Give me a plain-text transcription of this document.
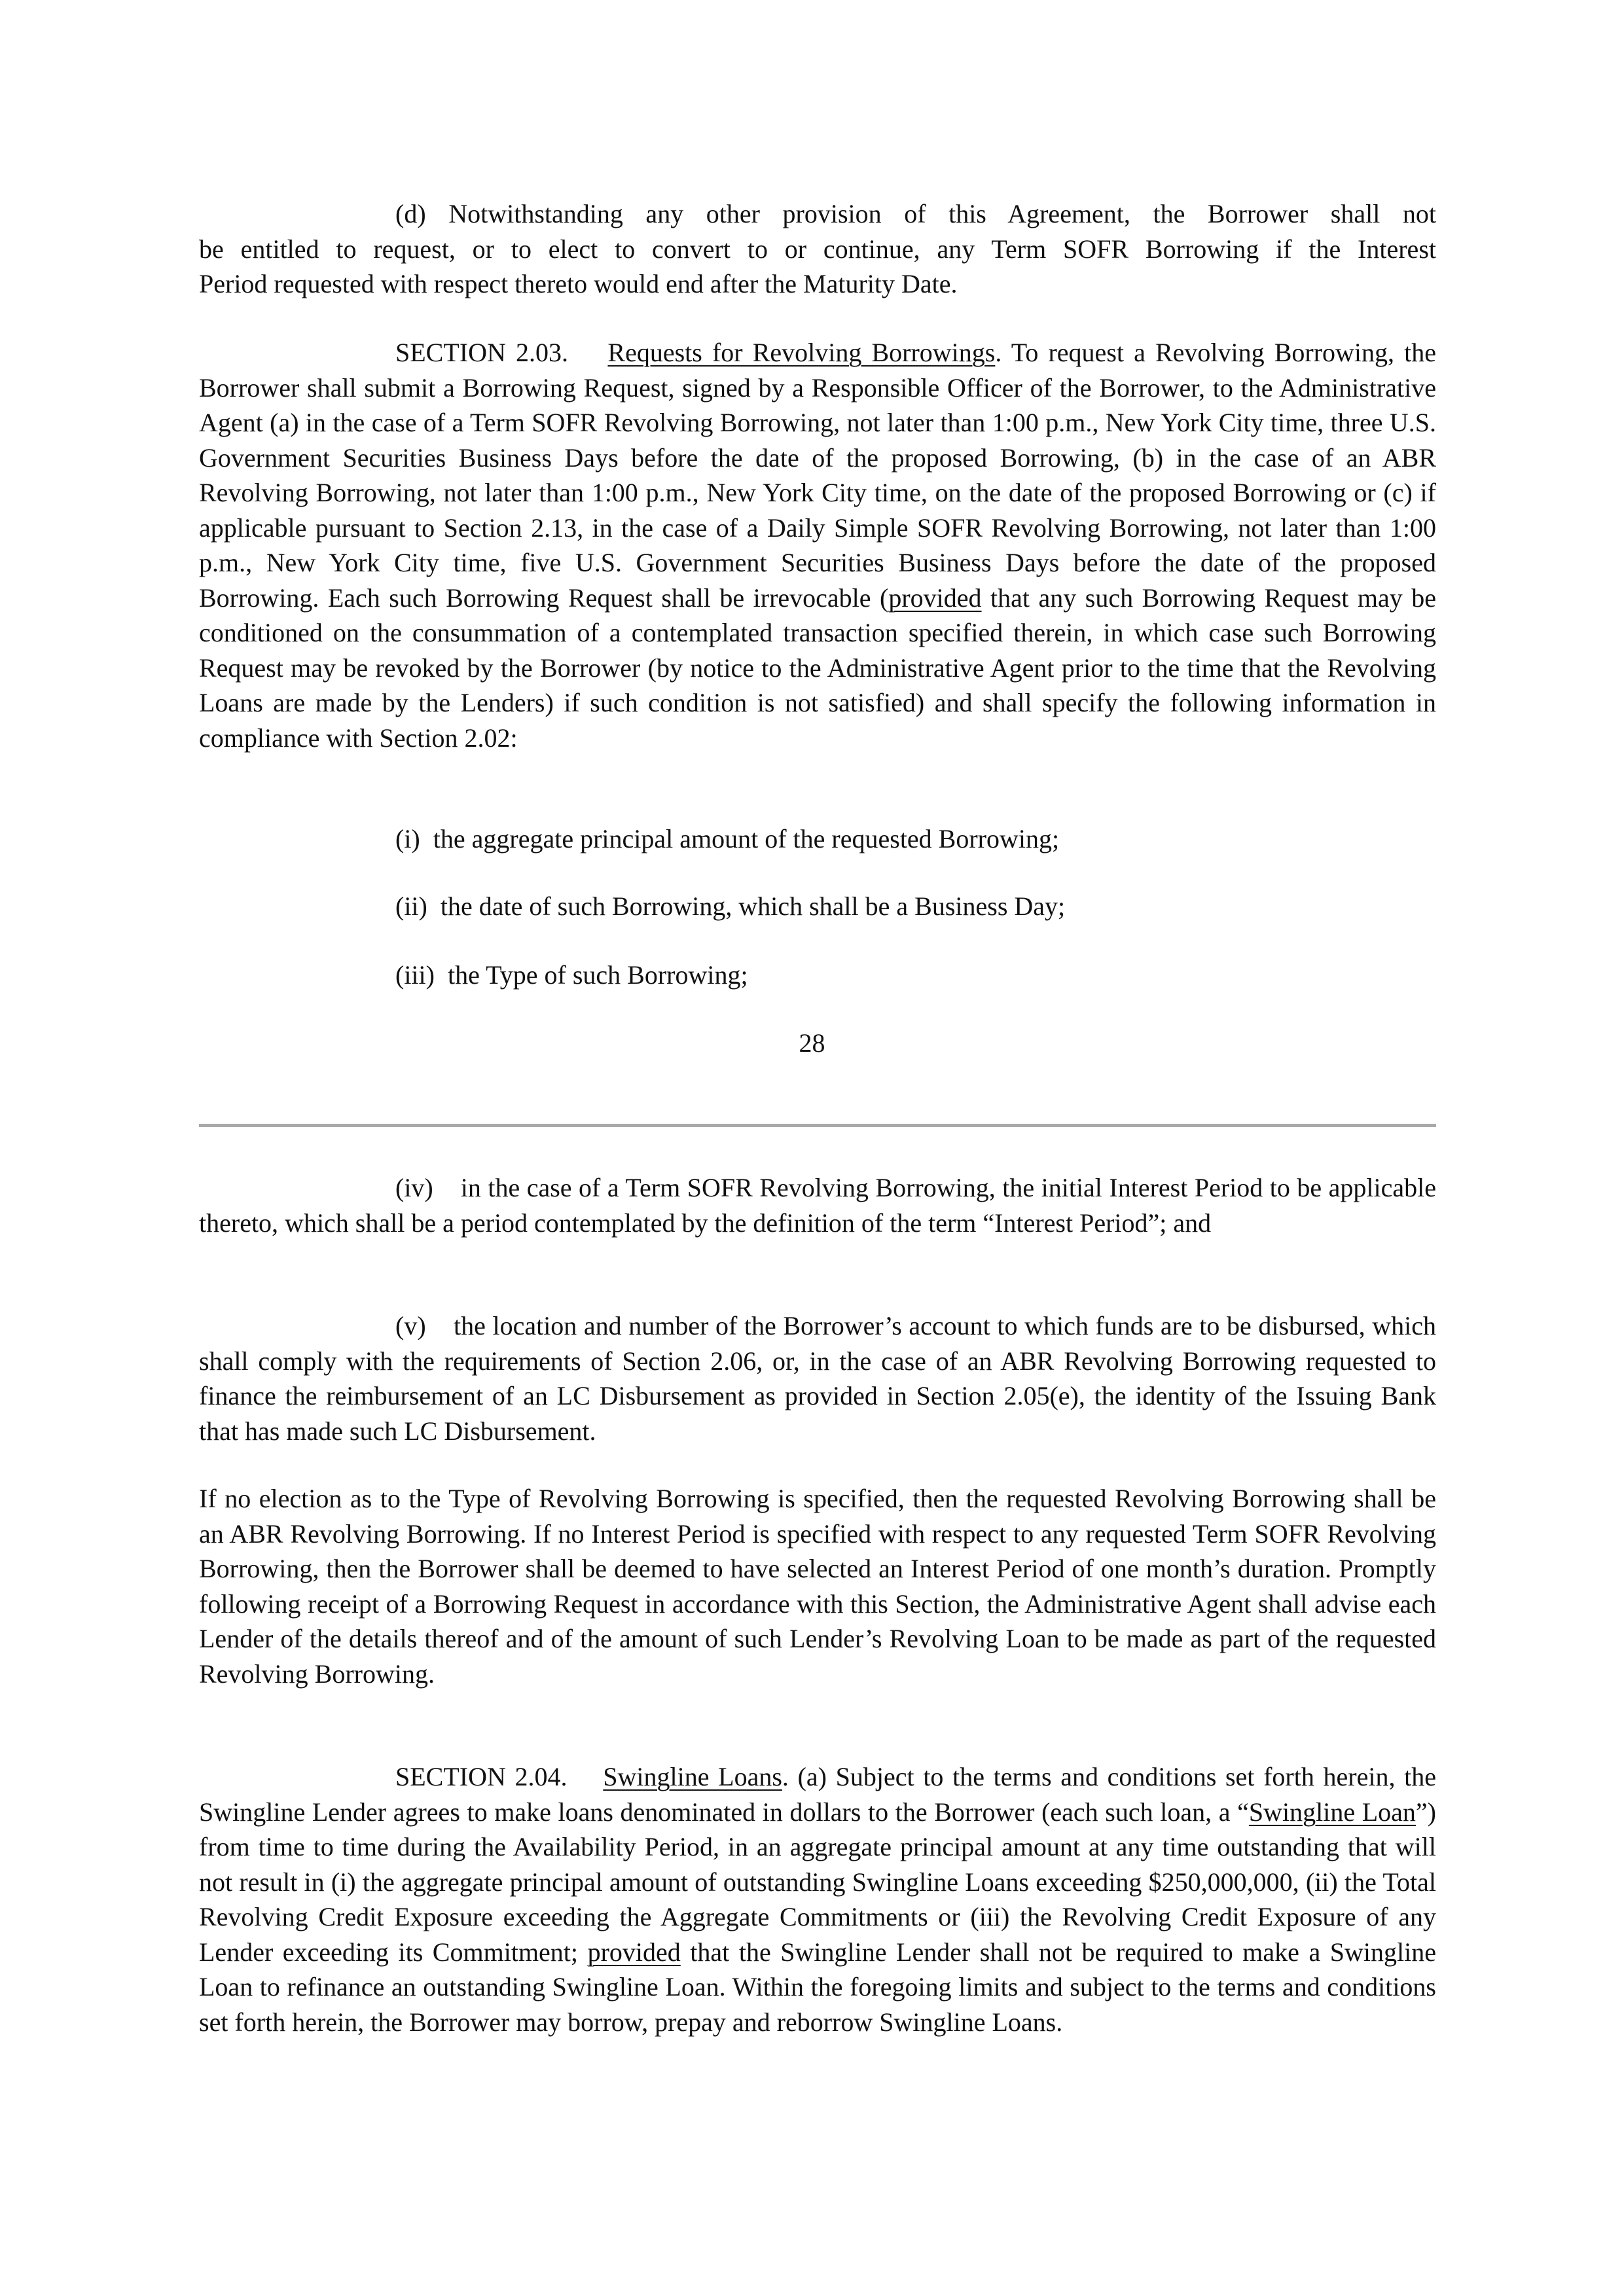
(d) Notwithstanding any other provision of this Agreement, the Borrower shall not
be entitled to request, or to elect to convert to or continue, any Term SOFR Borrowing if the Interest
Period requested with respect thereto would end after the Maturity Date.

SECTION 2.03. Requests for Revolving Borrowings. To request a Revolving Borrowing, the Borrower shall submit a Borrowing Request, signed by a Responsible Officer of the Borrower, to the Administrative Agent (a) in the case of a Term SOFR Revolving Borrowing, not later than 1:00 p.m., New York City time, three U.S. Government Securities Business Days before the date of the proposed Borrowing, (b) in the case of an ABR Revolving Borrowing, not later than 1:00 p.m., New York City time, on the date of the proposed Borrowing or (c) if applicable pursuant to Section 2.13, in the case of a Daily Simple SOFR Revolving Borrowing, not later than 1:00 p.m., New York City time, five U.S. Government Securities Business Days before the date of the proposed Borrowing. Each such Borrowing Request shall be irrevocable (provided that any such Borrowing Request may be conditioned on the consummation of a contemplated transaction specified therein, in which case such Borrowing Request may be revoked by the Borrower (by notice to the Administrative Agent prior to the time that the Revolving Loans are made by the Lenders) if such condition is not satisfied) and shall specify the following information in compliance with Section 2.02:

(i) the aggregate principal amount of the requested Borrowing;

(ii) the date of such Borrowing, which shall be a Business Day;

(iii) the Type of such Borrowing;

28

(iv) in the case of a Term SOFR Revolving Borrowing, the initial Interest Period to be applicable thereto, which shall be a period contemplated by the definition of the term “Interest Period”; and

(v) the location and number of the Borrower’s account to which funds are to be disbursed, which shall comply with the requirements of Section 2.06, or, in the case of an ABR Revolving Borrowing requested to finance the reimbursement of an LC Disbursement as provided in Section 2.05(e), the identity of the Issuing Bank that has made such LC Disbursement.

If no election as to the Type of Revolving Borrowing is specified, then the requested Revolving Borrowing shall be an ABR Revolving Borrowing. If no Interest Period is specified with respect to any requested Term SOFR Revolving Borrowing, then the Borrower shall be deemed to have selected an Interest Period of one month’s duration. Promptly following receipt of a Borrowing Request in accordance with this Section, the Administrative Agent shall advise each Lender of the details thereof and of the amount of such Lender’s Revolving Loan to be made as part of the requested Revolving Borrowing.

SECTION 2.04. Swingline Loans. (a) Subject to the terms and conditions set forth herein, the Swingline Lender agrees to make loans denominated in dollars to the Borrower (each such loan, a “Swingline Loan”) from time to time during the Availability Period, in an aggregate principal amount at any time outstanding that will not result in (i) the aggregate principal amount of outstanding Swingline Loans exceeding $250,000,000, (ii) the Total Revolving Credit Exposure exceeding the Aggregate Commitments or (iii) the Revolving Credit Exposure of any Lender exceeding its Commitment; provided that the Swingline Lender shall not be required to make a Swingline Loan to refinance an outstanding Swingline Loan. Within the foregoing limits and subject to the terms and conditions set forth herein, the Borrower may borrow, prepay and reborrow Swingline Loans.
